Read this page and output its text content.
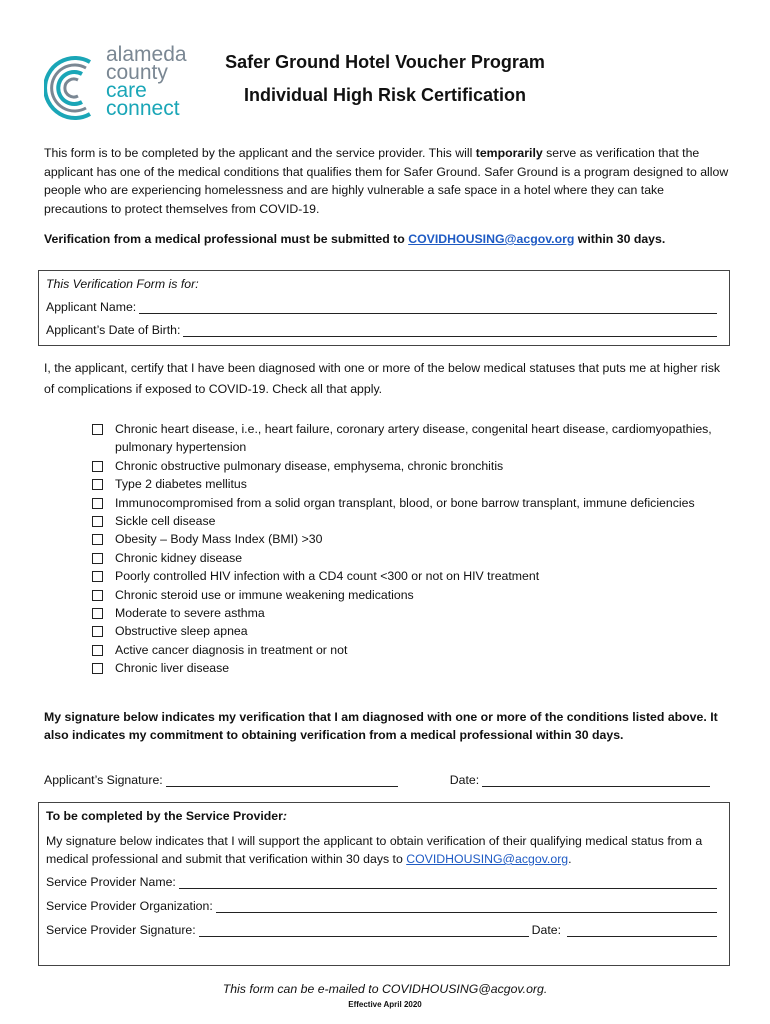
alameda
county
care
connect
Safer Ground Hotel Voucher Program
Individual High Risk Certification
This form is to be completed by the applicant and the service provider. This will temporarily serve as verification that the applicant has one of the medical conditions that qualifies them for Safer Ground. Safer Ground is a program designed to allow people who are experiencing homelessness and are highly vulnerable a safe space in a hotel where they can take precautions to protect themselves from COVID-19.
Verification from a medical professional must be submitted to COVIDHOUSING@acgov.org within 30 days.
This Verification Form is for:
Applicant Name:
Applicant’s Date of Birth:
I, the applicant, certify that I have been diagnosed with one or more of the below medical statuses that puts me at higher risk of complications if exposed to COVID-19. Check all that apply.
Chronic heart disease, i.e., heart failure, coronary artery disease, congenital heart disease, cardiomyopathies, pulmonary hypertension
Chronic obstructive pulmonary disease, emphysema, chronic bronchitis
Type 2 diabetes mellitus
Immunocompromised from a solid organ transplant, blood, or bone barrow transplant, immune deficiencies
Sickle cell disease
Obesity – Body Mass Index (BMI) >30
Chronic kidney disease
Poorly controlled HIV infection with a CD4 count <300 or not on HIV treatment
Chronic steroid use or immune weakening medications
Moderate to severe asthma
Obstructive sleep apnea
Active cancer diagnosis in treatment or not
Chronic liver disease
My signature below indicates my verification that I am diagnosed with one or more of the conditions listed above. It also indicates my commitment to obtaining verification from a medical professional within 30 days.
Applicant’s Signature:	Date:
To be completed by the Service Provider:
My signature below indicates that I will support the applicant to obtain verification of their qualifying medical status from a medical professional and submit that verification within 30 days to COVIDHOUSING@acgov.org.
Service Provider Name:
Service Provider Organization:
Service Provider Signature:	Date:
This form can be e-mailed to COVIDHOUSING@acgov.org.
Effective April 2020
